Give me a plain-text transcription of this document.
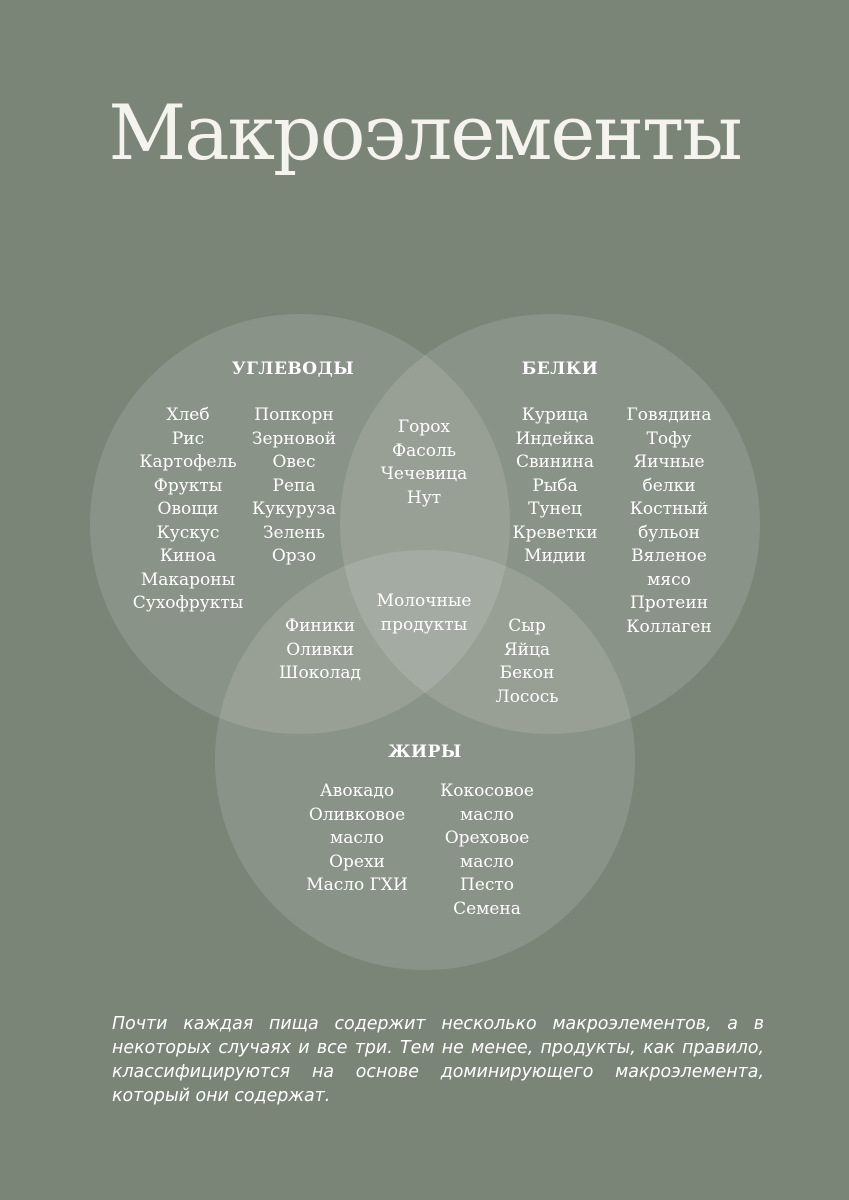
Макроэлементы
УГЛЕВОДЫ	БЕЛКИ
ЖИРЫ
Хлеб
Рис
Картофель
Фрукты
Овощи
Кускус
Киноа
Макароны
Сухофрукты
Попкорн
Зерновой
Овес
Репа
Кукуруза
Зелень
Орзо
Горох
Фасоль
Чечевица
Нут
Курица
Индейка
Свинина
Рыба
Тунец
Креветки
Мидии
Говядина
Тофу
Яичные
белки
Костный
бульон
Вяленое
мясо
Протеин
Коллаген
Молочные
продукты
Финики
Оливки
Шоколад
Сыр
Яйца
Бекон
Лосось
Авокадо
Оливковое
масло
Орехи
Масло ГХИ
Кокосовое
масло
Ореховое
масло
Песто
Семена

Почти каждая пища содержит несколько макроэлементов, а в некоторых случаях и все три. Тем не менее, продукты, как правило, классифицируются на основе доминирующего макроэлемента, который они содержат.
